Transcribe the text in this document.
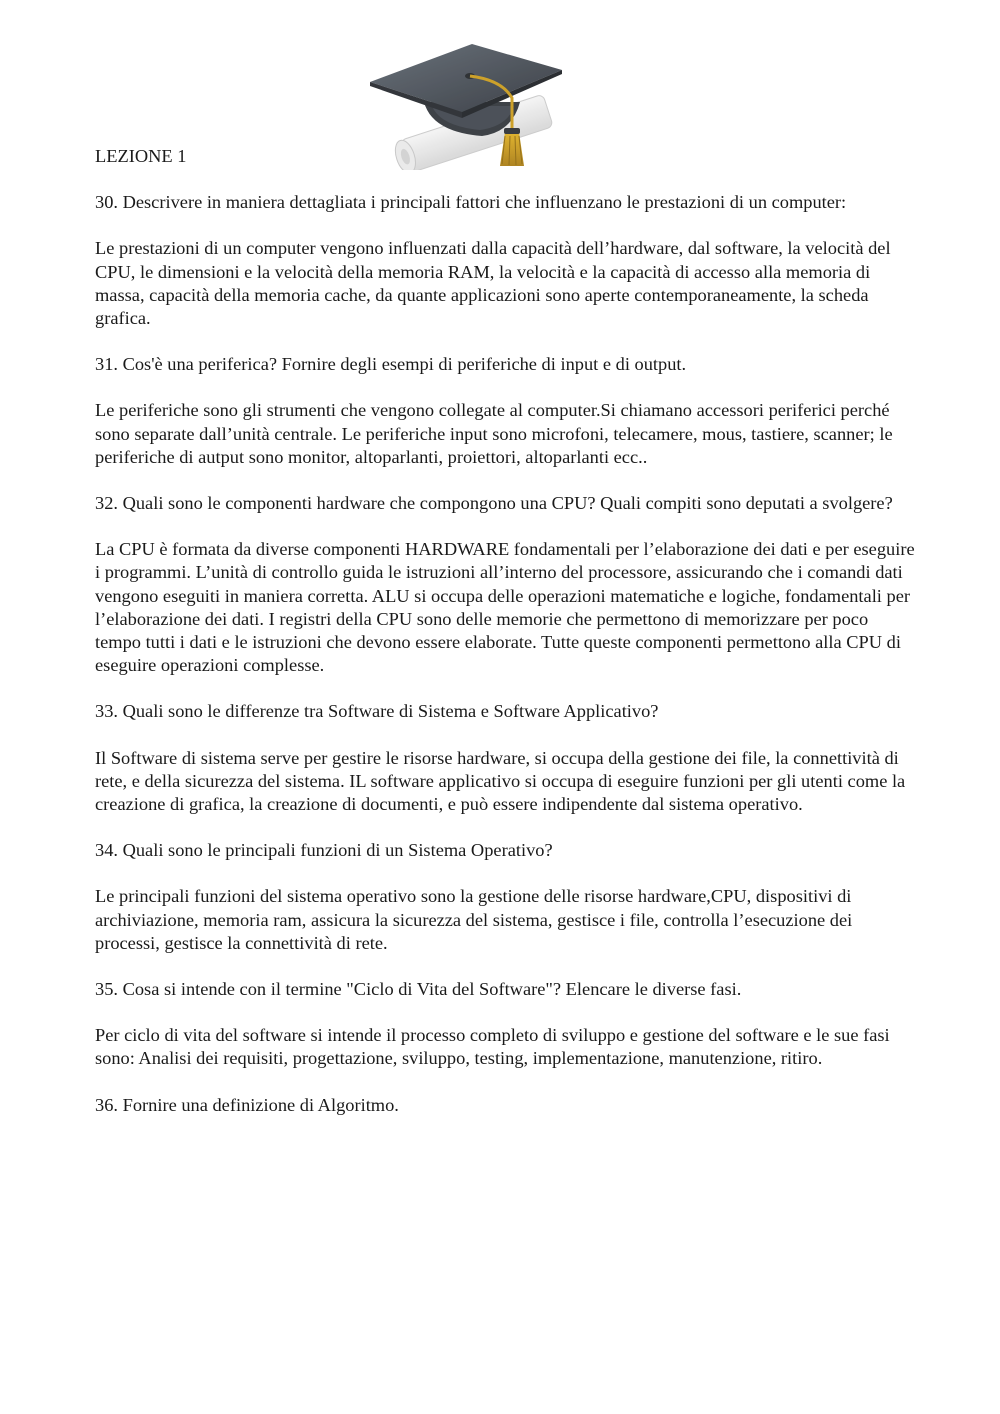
LEZIONE 1

30. Descrivere in maniera dettagliata i principali fattori che influenzano le prestazioni di un computer:

Le prestazioni di un computer vengono influenzati dalla capacità dell’hardware, dal software, la velocità del CPU, le dimensioni e la velocità della memoria RAM, la velocità e la capacità di accesso alla memoria di massa, capacità della memoria cache, da quante applicazioni sono aperte contemporaneamente, la scheda grafica.

31. Cos'è una periferica? Fornire degli esempi di periferiche di input e di output.

Le periferiche sono gli strumenti che vengono collegate al computer.Si chiamano accessori periferici perché sono separate dall’unità centrale. Le periferiche input sono microfoni, telecamere, mous, tastiere, scanner; le periferiche di autput sono monitor, altoparlanti, proiettori, altoparlanti ecc..

32. Quali sono le componenti hardware che compongono una CPU? Quali compiti sono deputati a svolgere?

La CPU è formata da diverse componenti HARDWARE fondamentali per l’elaborazione dei dati e per eseguire i programmi. L’unità di controllo guida le istruzioni all’interno del processore, assicurando che i comandi dati vengono eseguiti in maniera corretta. ALU si occupa delle operazioni matematiche e logiche, fondamentali per l’elaborazione dei dati. I registri della CPU sono delle memorie che permettono di memorizzare per poco tempo tutti i dati e le istruzioni che devono essere elaborate. Tutte queste componenti permettono alla CPU di eseguire operazioni complesse.

33. Quali sono le differenze tra Software di Sistema e Software Applicativo?

Il Software di sistema serve per gestire le risorse hardware, si occupa della gestione dei file, la connettività di rete, e della sicurezza del sistema. IL software applicativo si occupa di eseguire funzioni per gli utenti come la creazione di grafica, la creazione di documenti, e può essere indipendente dal sistema operativo.

34. Quali sono le principali funzioni di un Sistema Operativo?

Le principali funzioni del sistema operativo sono la gestione delle risorse hardware,CPU, dispositivi di archiviazione, memoria ram, assicura la sicurezza del sistema, gestisce i file, controlla l’esecuzione dei processi, gestisce la connettività di rete.

35. Cosa si intende con il termine "Ciclo di Vita del Software"? Elencare le diverse fasi.

Per ciclo di vita del software si intende il processo completo di sviluppo e gestione del software e le sue fasi sono: Analisi dei requisiti, progettazione, sviluppo, testing, implementazione, manutenzione, ritiro.

36. Fornire una definizione di Algoritmo.
